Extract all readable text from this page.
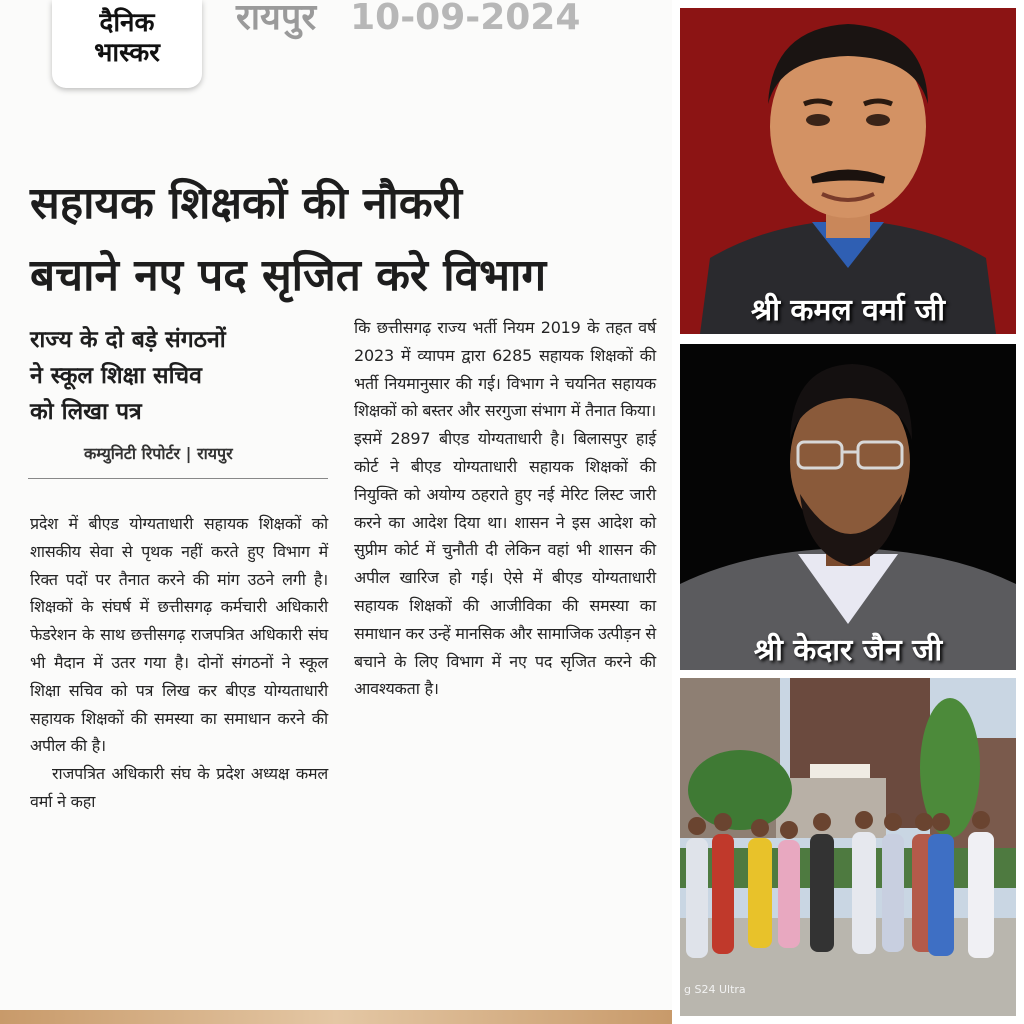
दैनिक
भास्कर
रायपुर 10-09-2024
सहायक शिक्षकों की नौकरी
बचाने नए पद सृजित करे विभाग
राज्य के दो बड़े संगठनों
ने स्कूल शिक्षा सचिव
को लिखा पत्र
कम्युनिटी रिपोर्टर | रायपुर

प्रदेश में बीएड योग्यताधारी सहायक शिक्षकों को शासकीय सेवा से पृथक नहीं करते हुए विभाग में रिक्त पदों पर तैनात करने की मांग उठने लगी है। शिक्षकों के संघर्ष में छत्तीसगढ़ कर्मचारी अधिकारी फेडरेशन के साथ छत्तीसगढ़ राजपत्रित अधिकारी संघ भी मैदान में उतर गया है। दोनों संगठनों ने स्कूल शिक्षा सचिव को पत्र लिख कर बीएड योग्यताधारी सहायक शिक्षकों की समस्या का समाधान करने की अपील की है।

राजपत्रित अधिकारी संघ के प्रदेश अध्यक्ष कमल वर्मा ने कहा

कि छत्तीसगढ़ राज्य भर्ती नियम 2019 के तहत वर्ष 2023 में व्यापम द्वारा 6285 सहायक शिक्षकों की भर्ती नियमानुसार की गई। विभाग ने चयनित सहायक शिक्षकों को बस्तर और सरगुजा संभाग में तैनात किया। इसमें 2897 बीएड योग्यताधारी है। बिलासपुर हाई कोर्ट ने बीएड योग्यताधारी सहायक शिक्षकों की नियुक्ति को अयोग्य ठहराते हुए नई मेरिट लिस्ट जारी करने का आदेश दिया था। शासन ने इस आदेश को सुप्रीम कोर्ट में चुनौती दी लेकिन वहां भी शासन की अपील खारिज हो गई। ऐसे में बीएड योग्यताधारी सहायक शिक्षकों की आजीविका की समस्या का समाधान कर उन्हें मानसिक और सामाजिक उत्पीड़न से बचाने के लिए विभाग में नए पद सृजित करने की आवश्यकता है।

श्री कमल वर्मा जी
श्री केदार जैन जी
g S24 Ultra
